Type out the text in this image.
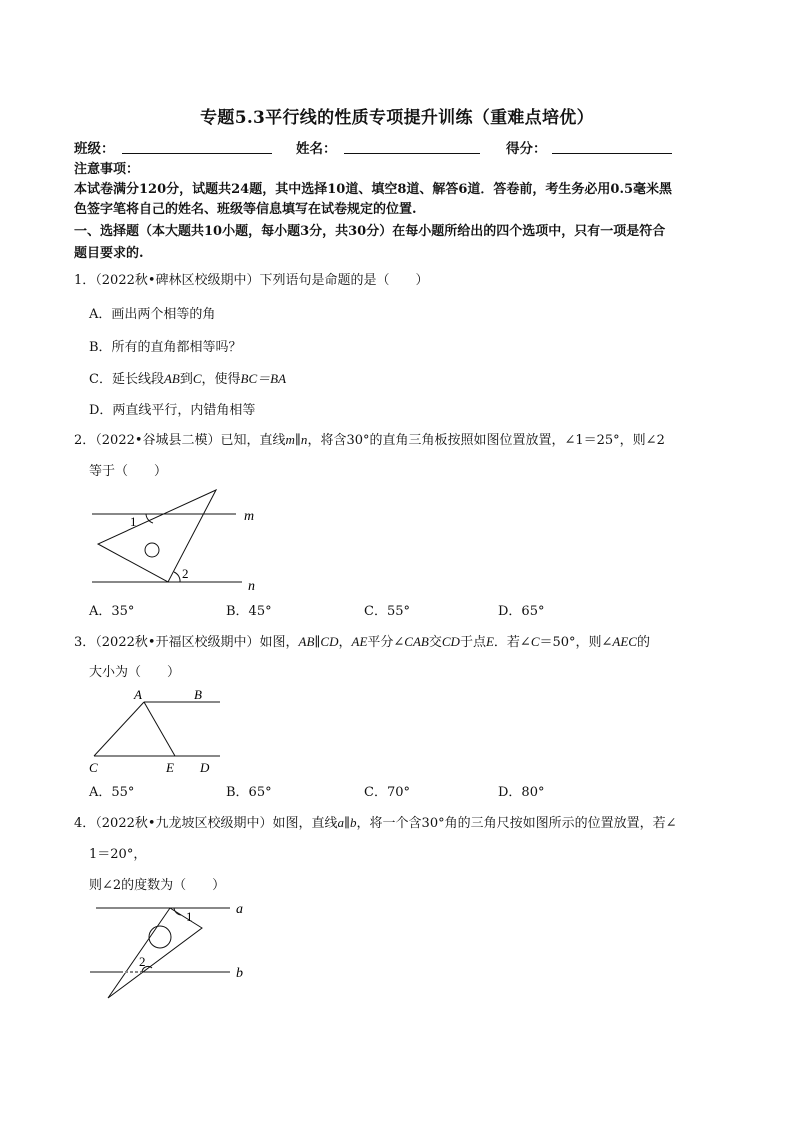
专题5.3平行线的性质专项提升训练（重难点培优）
班级：	姓名：	得分：
注意事项：
本试卷满分120分，试题共24题，其中选择10道、填空8道、解答6道．答卷前，考生务必用0.5毫米黑
色签字笔将自己的姓名、班级等信息填写在试卷规定的位置.
一、选择题（本大题共10小题，每小题3分，共30分）在每小题所给出的四个选项中，只有一项是符合
题目要求的.
1．（2022秋•碑林区校级期中）下列语句是命题的是（　　）
A．画出两个相等的角
B．所有的直角都相等吗？
C．延长线段AB到C，使得BC＝BA
D．两直线平行，内错角相等
2．（2022•谷城县二模）已知，直线m∥n，将含30°的直角三角板按照如图位置放置，∠1＝25°，则∠2
等于（　　）
1
2
m
n
A．35°	B．45°	C．55°	D．65°
3．（2022秋•开福区校级期中）如图，AB∥CD，AE平分∠CAB交CD于点E．若∠C＝50°，则∠AEC的
大小为（　　）
A	B
C	E D
A．55°	B．65°	C．70°	D．80°
4．（2022秋•九龙坡区校级期中）如图，直线a∥b，将一个含30°角的三角尺按如图所示的位置放置，若∠
1＝20°，
则∠2的度数为（　　）
1
2
a
b
